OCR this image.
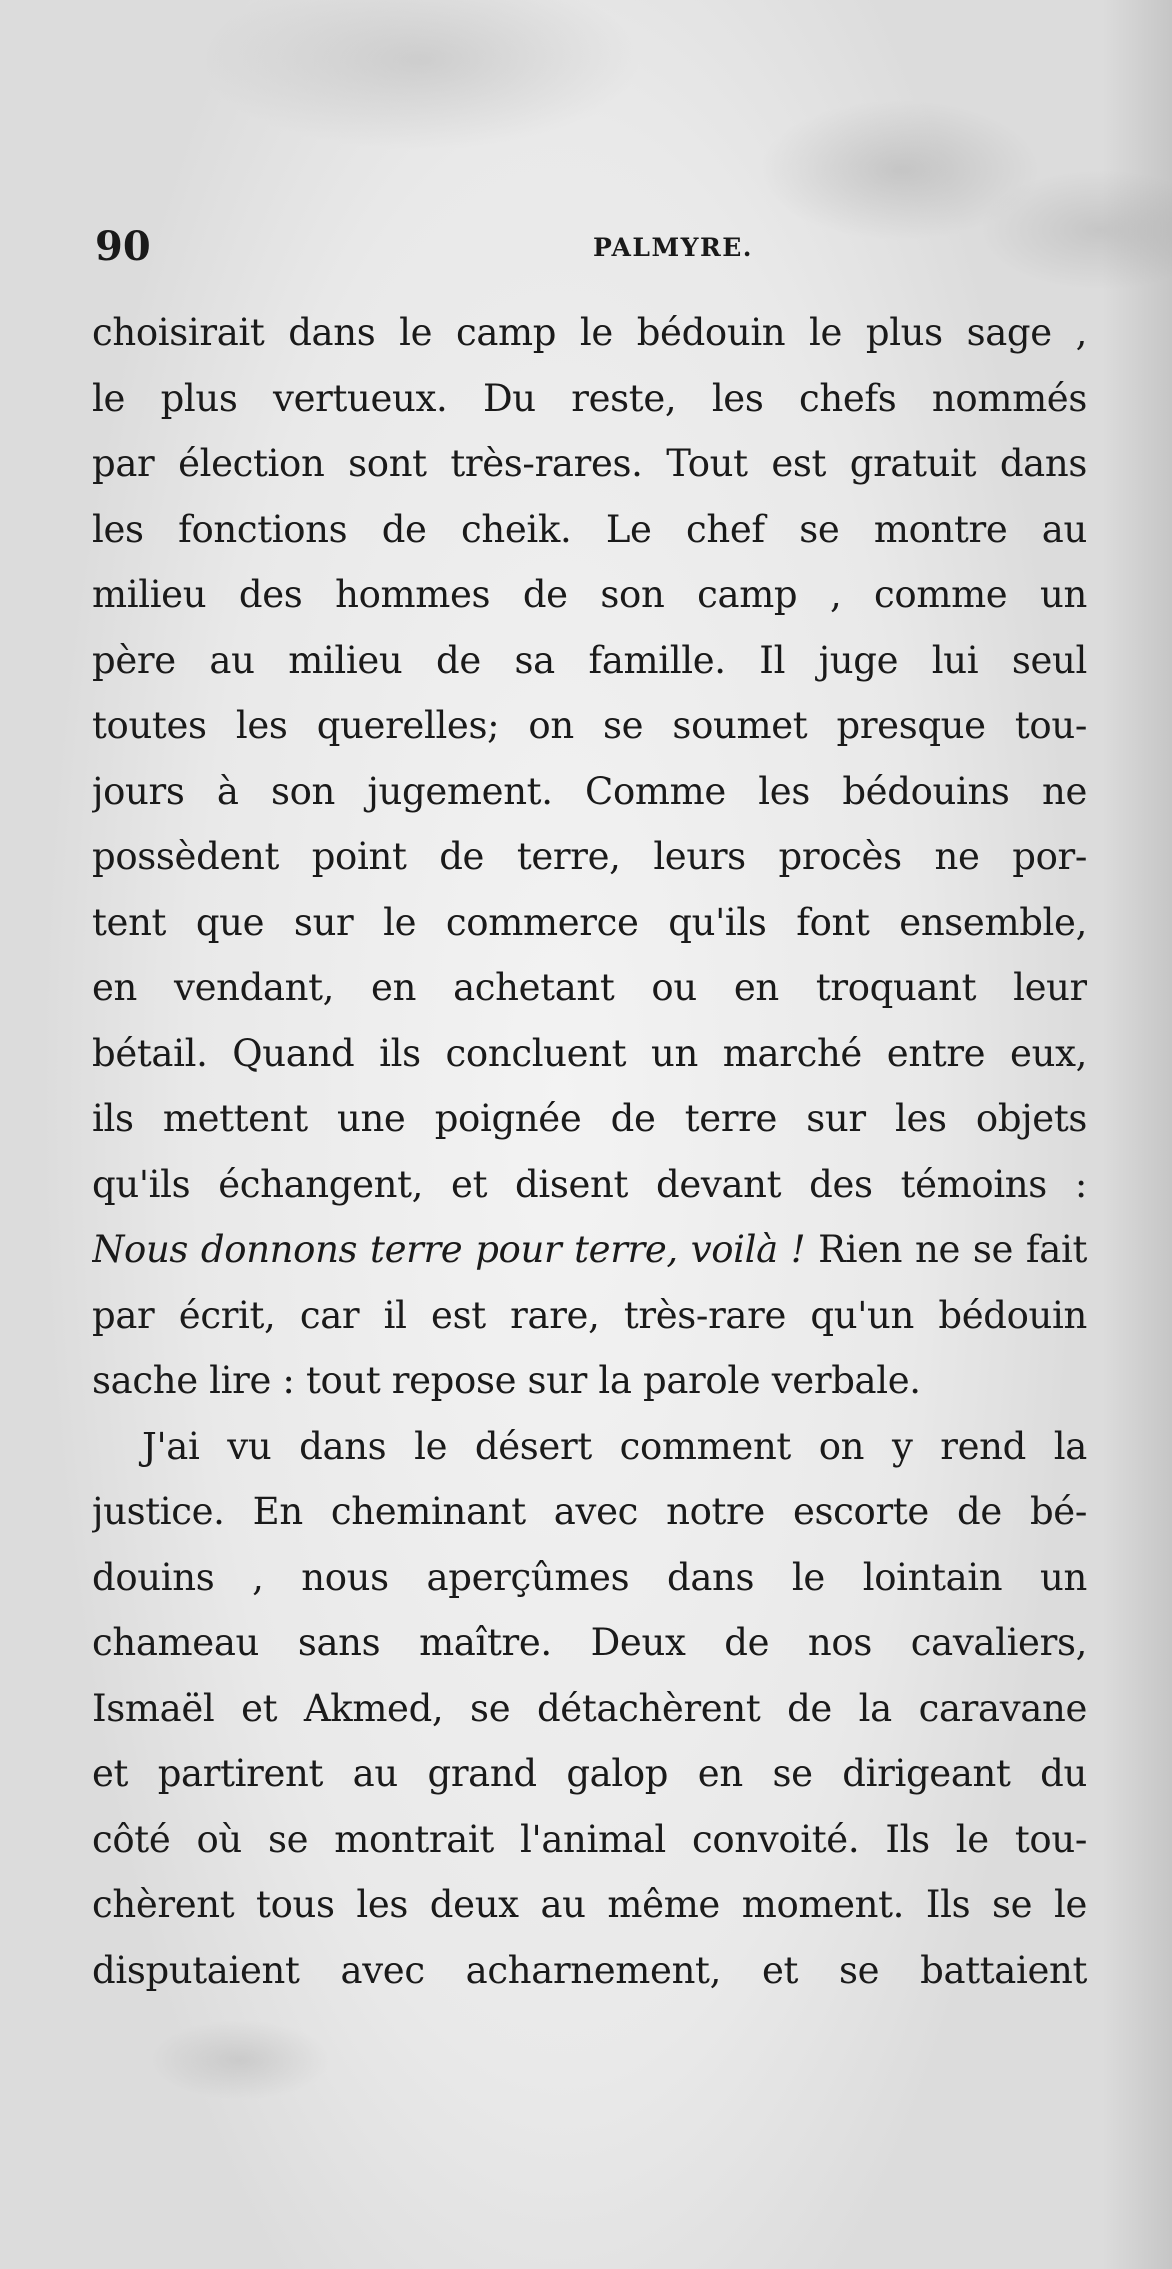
90	PALMYRE.
choisirait dans le camp le bédouin le plus sage ,
le plus vertueux. Du reste, les chefs nommés
par élection sont très-rares. Tout est gratuit dans
les fonctions de cheik. Le chef se montre au
milieu des hommes de son camp , comme un
père au milieu de sa famille. Il juge lui seul
toutes les querelles; on se soumet presque tou-
jours à son jugement. Comme les bédouins ne
possèdent point de terre, leurs procès ne por-
tent que sur le commerce qu'ils font ensemble,
en vendant, en achetant ou en troquant leur
bétail. Quand ils concluent un marché entre eux,
ils mettent une poignée de terre sur les objets
qu'ils échangent, et disent devant des témoins :
Nous donnons terre pour terre, voilà ! Rien ne se fait
par écrit, car il est rare, très-rare qu'un bédouin
sache lire : tout repose sur la parole verbale.
J'ai vu dans le désert comment on y rend la
justice. En cheminant avec notre escorte de bé-
douins , nous aperçûmes dans le lointain un
chameau sans maître. Deux de nos cavaliers,
Ismaël et Akmed, se détachèrent de la caravane
et partirent au grand galop en se dirigeant du
côté où se montrait l'animal convoité. Ils le tou-
chèrent tous les deux au même moment. Ils se le
disputaient avec acharnement, et se battaient
